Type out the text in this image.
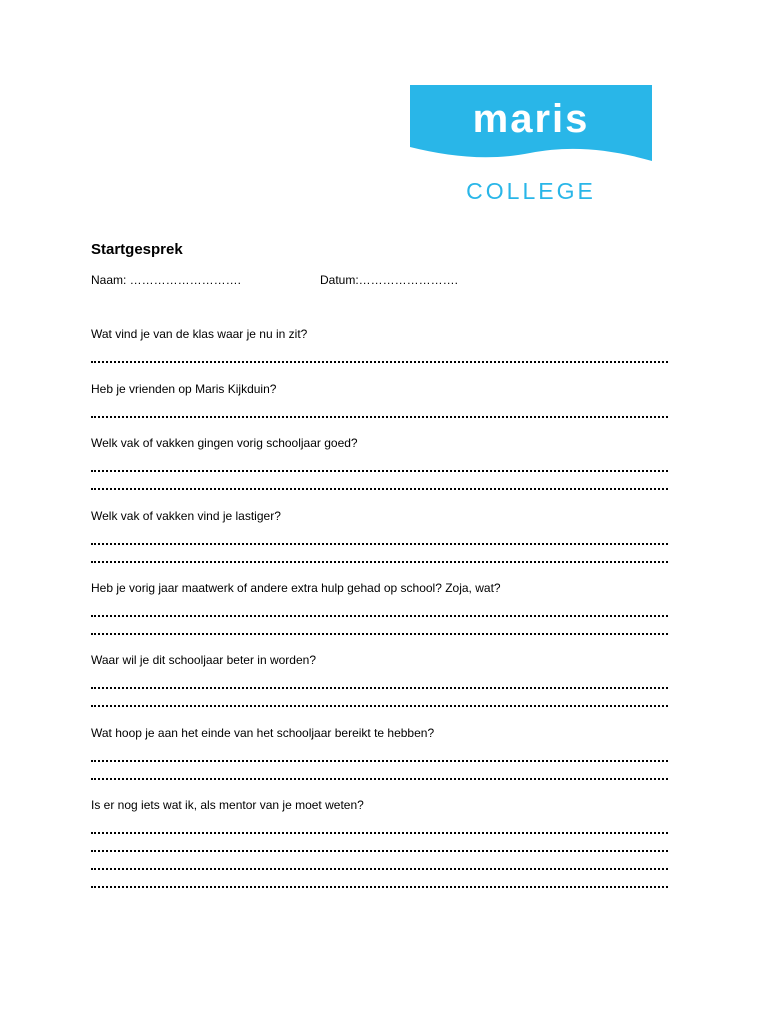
maris
COLLEGE
Startgesprek
Naam: ……………………….	Datum:…………………….
Wat vind je van de klas waar je nu in zit?
Heb je vrienden op Maris Kijkduin?
Welk vak of vakken gingen vorig schooljaar goed?
Welk vak of vakken vind je lastiger?
Heb je vorig jaar maatwerk of andere extra hulp gehad op school? Zoja, wat?
Waar wil je dit schooljaar beter in worden?
Wat hoop je aan het einde van het schooljaar bereikt te hebben?
Is er nog iets wat ik, als mentor van je moet weten?
